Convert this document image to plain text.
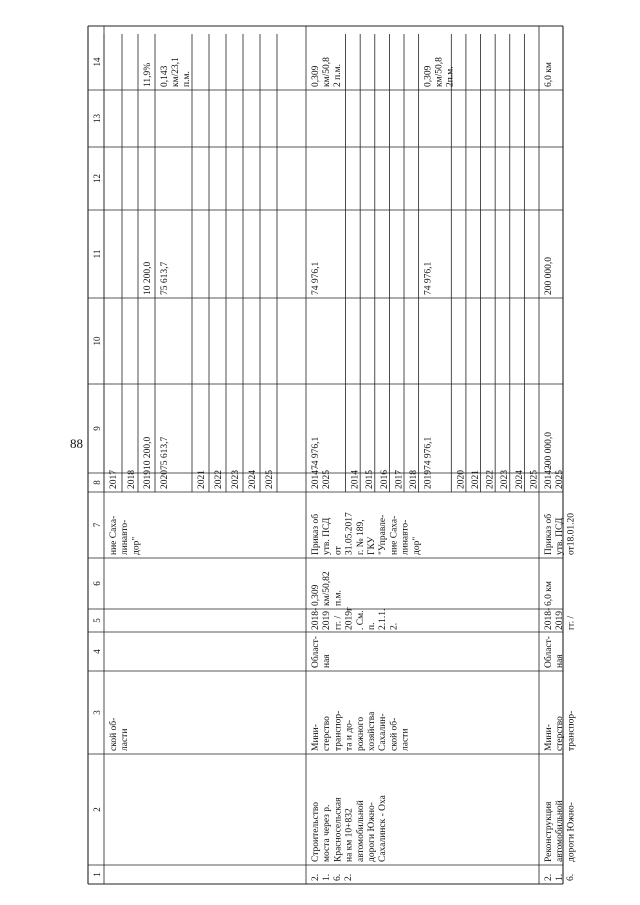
88
1
2
3
4
5
6
7
8
9
10
11
12
13
14
2017 2018 2019 2020	2021 2022 2023 2024 2025
10 200,0
10 200,0
11,9%
75 613,7
75 613,7
0,143 км/23,1 п.м.
ской об- ласти
ние Саха- линавто- дор"
2014 - 2025
74 976,1
74 976,1
0,309 км/50,8 2 п.м.
2014 2015 2016 2017 2018 2019
74 976,1
74 976,1
0,309 км/50,8 2п.м.
2020 2021 2022 2023 2024 2025
2. 1. 6. 2.
Строительство моста через р. Красносельская на км 10+832 автомобильной дороги Южно- Сахалинск - Оха
Мини- стерство транспор- та и до- рожного хозяйства Сахалин- ской об- ласти
Област- ная
2018- 2019 гг. / 2019г . См. п. 2.1.1. 2.
0,309 км/50,82 п.м.
Приказ об утв. ПСД от 31.05.2017 г. № 189, ГКУ "Управле- ние Саха- линавто- дор"
2. 1. 6.
Реконструкция автомобильной дороги Южно-
Мини- стерство транспор-
Област- ная
2018- 2019 гг. /
6,0 км
Приказ об утв. ПСД от18.01.20
2014 - 2025
200 000,0
200 000,0
6,0 км
